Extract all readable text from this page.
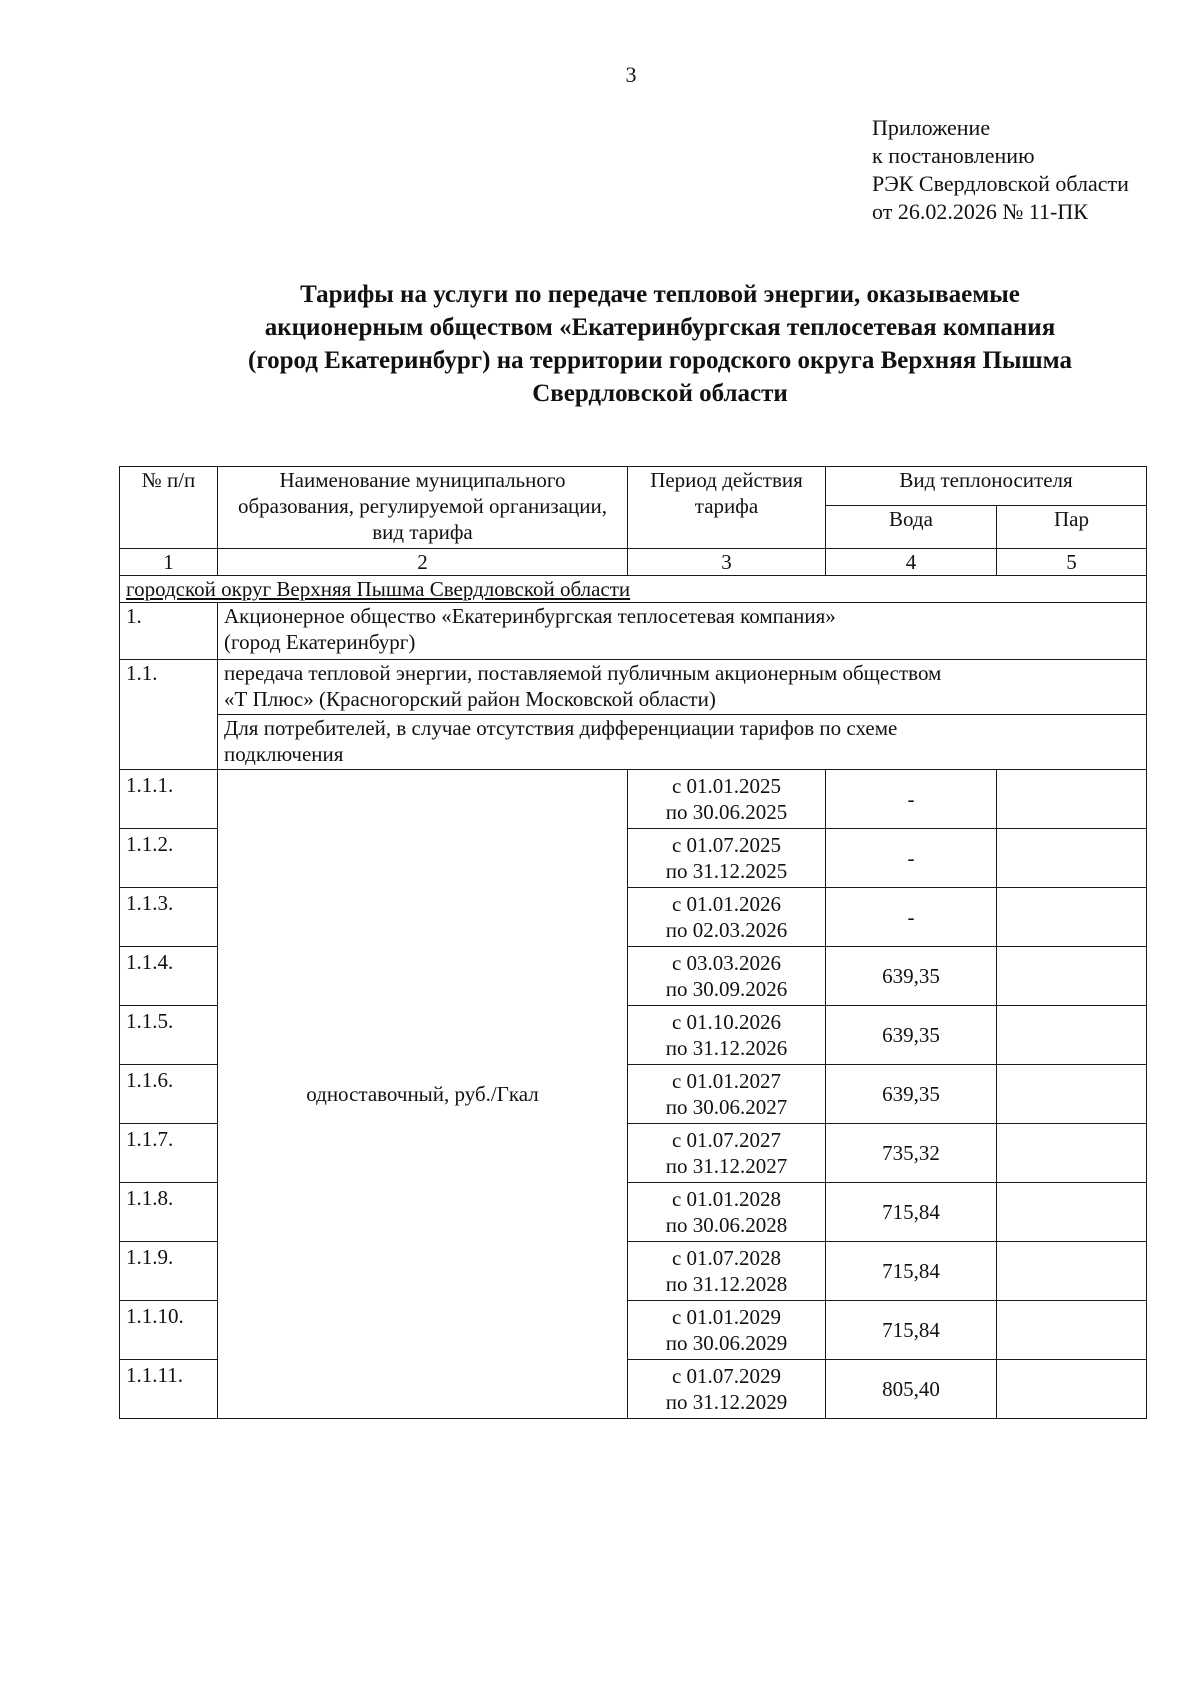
3
Приложение
к постановлению
РЭК Свердловской области
от 26.02.2026 № 11-ПК
Тарифы на услуги по передаче тепловой энергии, оказываемые
акционерным обществом «Екатеринбургская теплосетевая компания
(город Екатеринбург) на территории городского округа Верхняя Пышма
Свердловской области
№ п/п	Наименование муниципального образования, регулируемой организации, вид тарифа	Период действия тарифа	Вид теплоносителя	
			Вода	Пар
1	2	3	4	5
городской округ Верхняя Пышма Свердловской области				
1.	Акционерное общество «Екатеринбургская теплосетевая компания»
(город Екатеринбург)			

1.1.	передача тепловой энергии, поставляемой публичным акционерным обществом
«Т Плюс» (Красногорский район Московской области)			

	Для потребителей, в случае отсутствия дифференциации тарифов по схеме
подключения			

1.1.1.	одноставочный, руб./Гкал	с 01.01.2025
по 30.06.2025	-	
1.1.2.		с 01.07.2025
по 31.12.2025	-	
1.1.3.		с 01.01.2026
по 02.03.2026	-	
1.1.4.		с 03.03.2026
по 30.09.2026	639,35	
1.1.5.		с 01.10.2026
по 31.12.2026	639,35	
1.1.6.		с 01.01.2027
по 30.06.2027	639,35	
1.1.7.		с 01.07.2027
по 31.12.2027	735,32	
1.1.8.		с 01.01.2028
по 30.06.2028	715,84	
1.1.9.		с 01.07.2028
по 31.12.2028	715,84	
1.1.10.		с 01.01.2029
по 30.06.2029	715,84	
1.1.11.		с 01.07.2029
по 31.12.2029	805,40	
